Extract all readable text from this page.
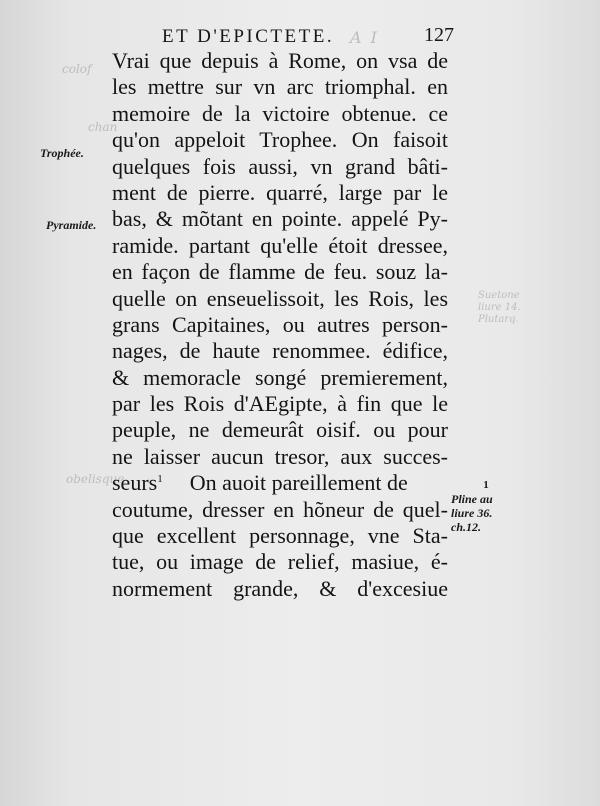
colof
chan
obelisque
Suetone
liure 14.
Plutarq.
A I
ET D'EPICTETE.	127
Trophée.
Pyramide.
Vrai que depuis à Rome, on vsa de
les mettre sur vn arc triomphal. en
memoire de la victoire obtenue. ce
qu'on appeloit Trophee. On faisoit
quelques fois aussi, vn grand bâti-
ment de pierre. quarré, large par le
bas, & mõtant en pointe. appelé Py-
ramide. partant qu'elle étoit dressee,
en façon de flamme de feu. souz la-
quelle on enseuelissoit, les Rois, les
grans Capitaines, ou autres person-
nages, de haute renommee. édifice,
& memoracle songé premierement,
par les Rois d'AEgipte, à fin que le
peuple, ne demeurât oisif. ou pour
ne laisser aucun tresor, aux succes-
seurs$^1$ On auoit pareillement de
coutume, dresser en hõneur de quel-
que excellent personnage, vne Sta-
tue, ou image de relief, masiue, é-
normement grande, & d'excesiue
1
Pline au
liure 36.
ch.12.
